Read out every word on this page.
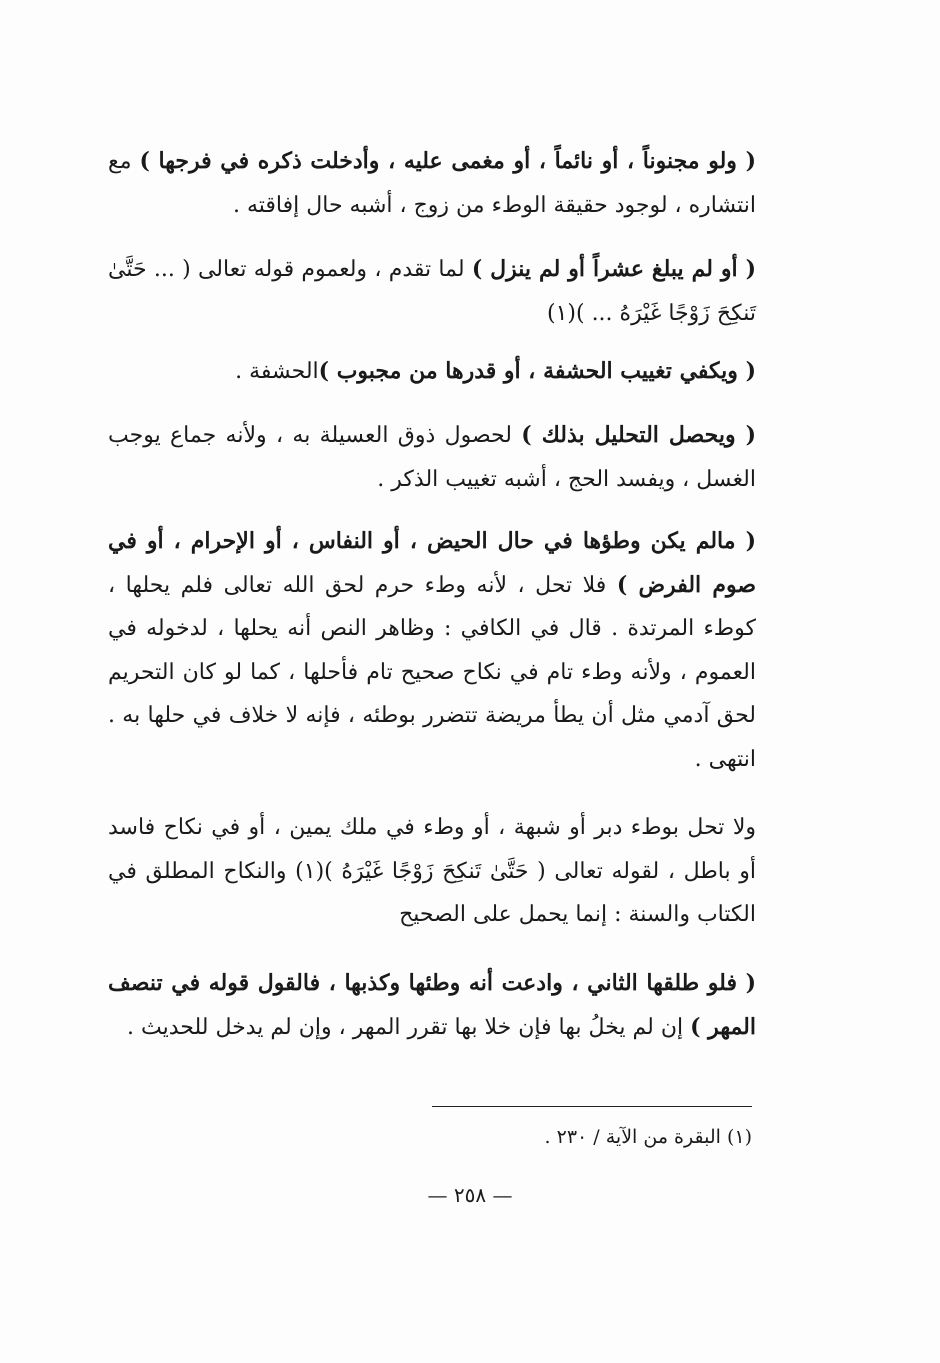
( ولو مجنوناً ، أو نائماً ، أو مغمى عليه ، وأدخلت ذكره في فرجها ) مع انتشاره ، لوجود حقيقة الوطء من زوج ، أشبه حال إفاقته .

( أو لم يبلغ عشراً أو لم ينزل ) لما تقدم ، ولعموم قوله تعالى ( ... حَتَّىٰ تَنكِحَ زَوْجًا غَيْرَهُ ... )(١)

( ويكفي تغييب الحشفة ، أو قدرها من مجبوب )الحشفة .

( ويحصل التحليل بذلك ) لحصول ذوق العسيلة به ، ولأنه جماع يوجب الغسل ، ويفسد الحج ، أشبه تغييب الذكر .

( مالم يكن وطؤها في حال الحيض ، أو النفاس ، أو الإحرام ، أو في صوم الفرض ) فلا تحل ، لأنه وطء حرم لحق الله تعالى فلم يحلها ، كوطء المرتدة . قال في الكافي : وظاهر النص أنه يحلها ، لدخوله في العموم ، ولأنه وطء تام في نكاح صحيح تام فأحلها ، كما لو كان التحريم لحق آدمي مثل أن يطأ مريضة تتضرر بوطئه ، فإنه لا خلاف في حلها به . انتهى .

ولا تحل بوطء دبر أو شبهة ، أو وطء في ملك يمين ، أو في نكاح فاسد أو باطل ، لقوله تعالى ( حَتَّىٰ تَنكِحَ زَوْجًا غَيْرَهُ )(١) والنكاح المطلق في الكتاب والسنة : إنما يحمل على الصحيح

( فلو طلقها الثاني ، وادعت أنه وطئها وكذبها ، فالقول قوله في تنصف المهر ) إن لم يخلُ بها فإن خلا بها تقرر المهر ، وإن لم يدخل للحديث .

(١) البقرة من الآية / ٢٣٠ .

— ٢٥٨ —
